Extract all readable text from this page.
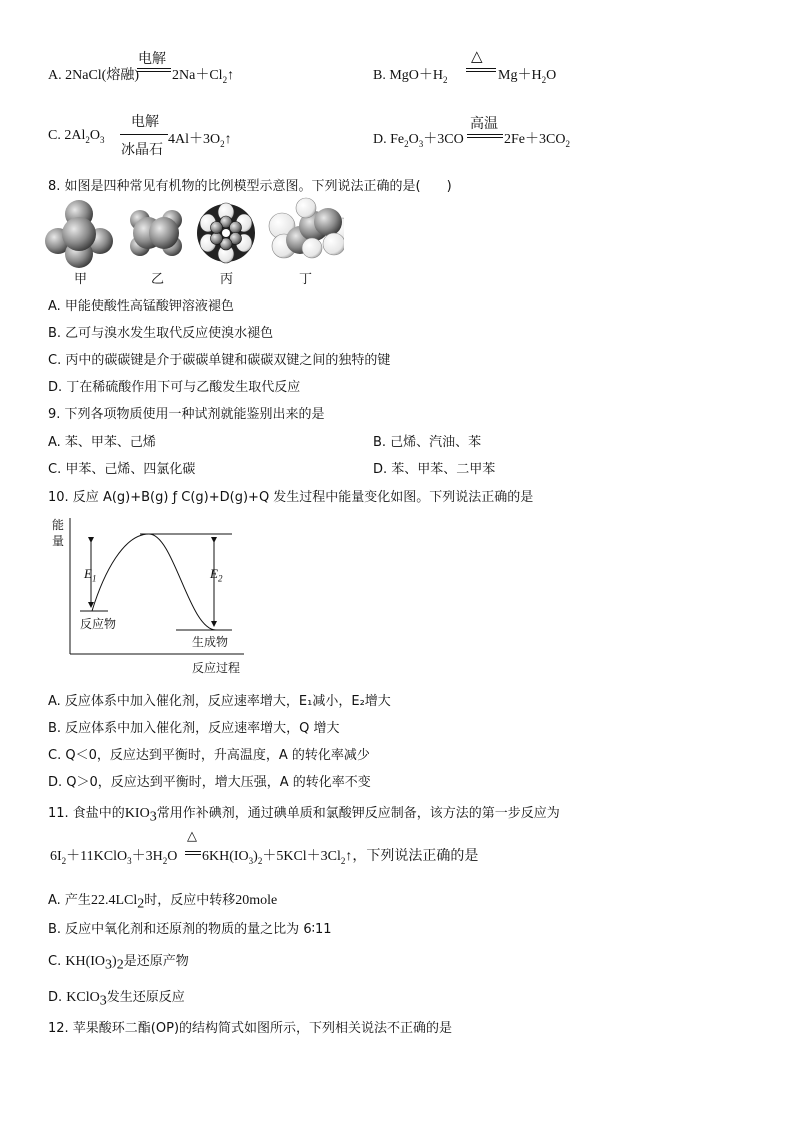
A. 2NaCl(熔融)
电解
$2Na+Cl_2↑$	B. $MgO+H_2$
△
$Mg+H_2O$
C. $2Al_2O_3$
电解
冰晶石
$4Al+3O_2↑$	D. $Fe_2O_3+3CO$
高温
$2Fe+3CO_2$
8. 如图是四种常见有机物的比例模型示意图。下列说法正确的是(　　)
甲	乙	丙	丁
A. 甲能使酸性高锰酸钾溶液褪色
B. 乙可与溴水发生取代反应使溴水褪色
C. 丙中的碳碳键是介于碳碳单键和碳碳双键之间的独特的键
D. 丁在稀硫酸作用下可与乙酸发生取代反应
9. 下列各项物质使用一种试剂就能鉴别出来的是
A. 苯、甲苯、己烯	B. 己烯、汽油、苯
C. 甲苯、己烯、四氯化碳	D. 苯、甲苯、二甲苯
10. 反应 A(g)+B(g) ƒ C(g)+D(g)+Q 发生过程中能量变化如图。下列说法正确的是
能
量
$E_1$	$E_2$
反应物
生成物
反应过程
A. 反应体系中加入催化剂，反应速率增大，E₁减小，E₂增大
B. 反应体系中加入催化剂，反应速率增大，Q 增大
C. Q＜0，反应达到平衡时，升高温度，A 的转化率减少
D. Q＞0，反应达到平衡时，增大压强，A 的转化率不变
11. 食盐中的$KIO_3$常用作补碘剂，通过碘单质和氯酸钾反应制备，该方法的第一步反应为
$6I_2+11KClO_3+3H_2O$
△
$6KH(IO_3)_2+5KCl+3Cl_2↑$，下列说法正确的是
A. 产生22.4LCl$_2$时，反应中转移20mole
B. 反应中氧化剂和还原剂的物质的量之比为 6∶11
C. $KH(IO_3)_2$是还原产物
D. KClO$_3$发生还原反应
12. 苹果酸环二酯(OP)的结构简式如图所示，下列相关说法不正确的是
